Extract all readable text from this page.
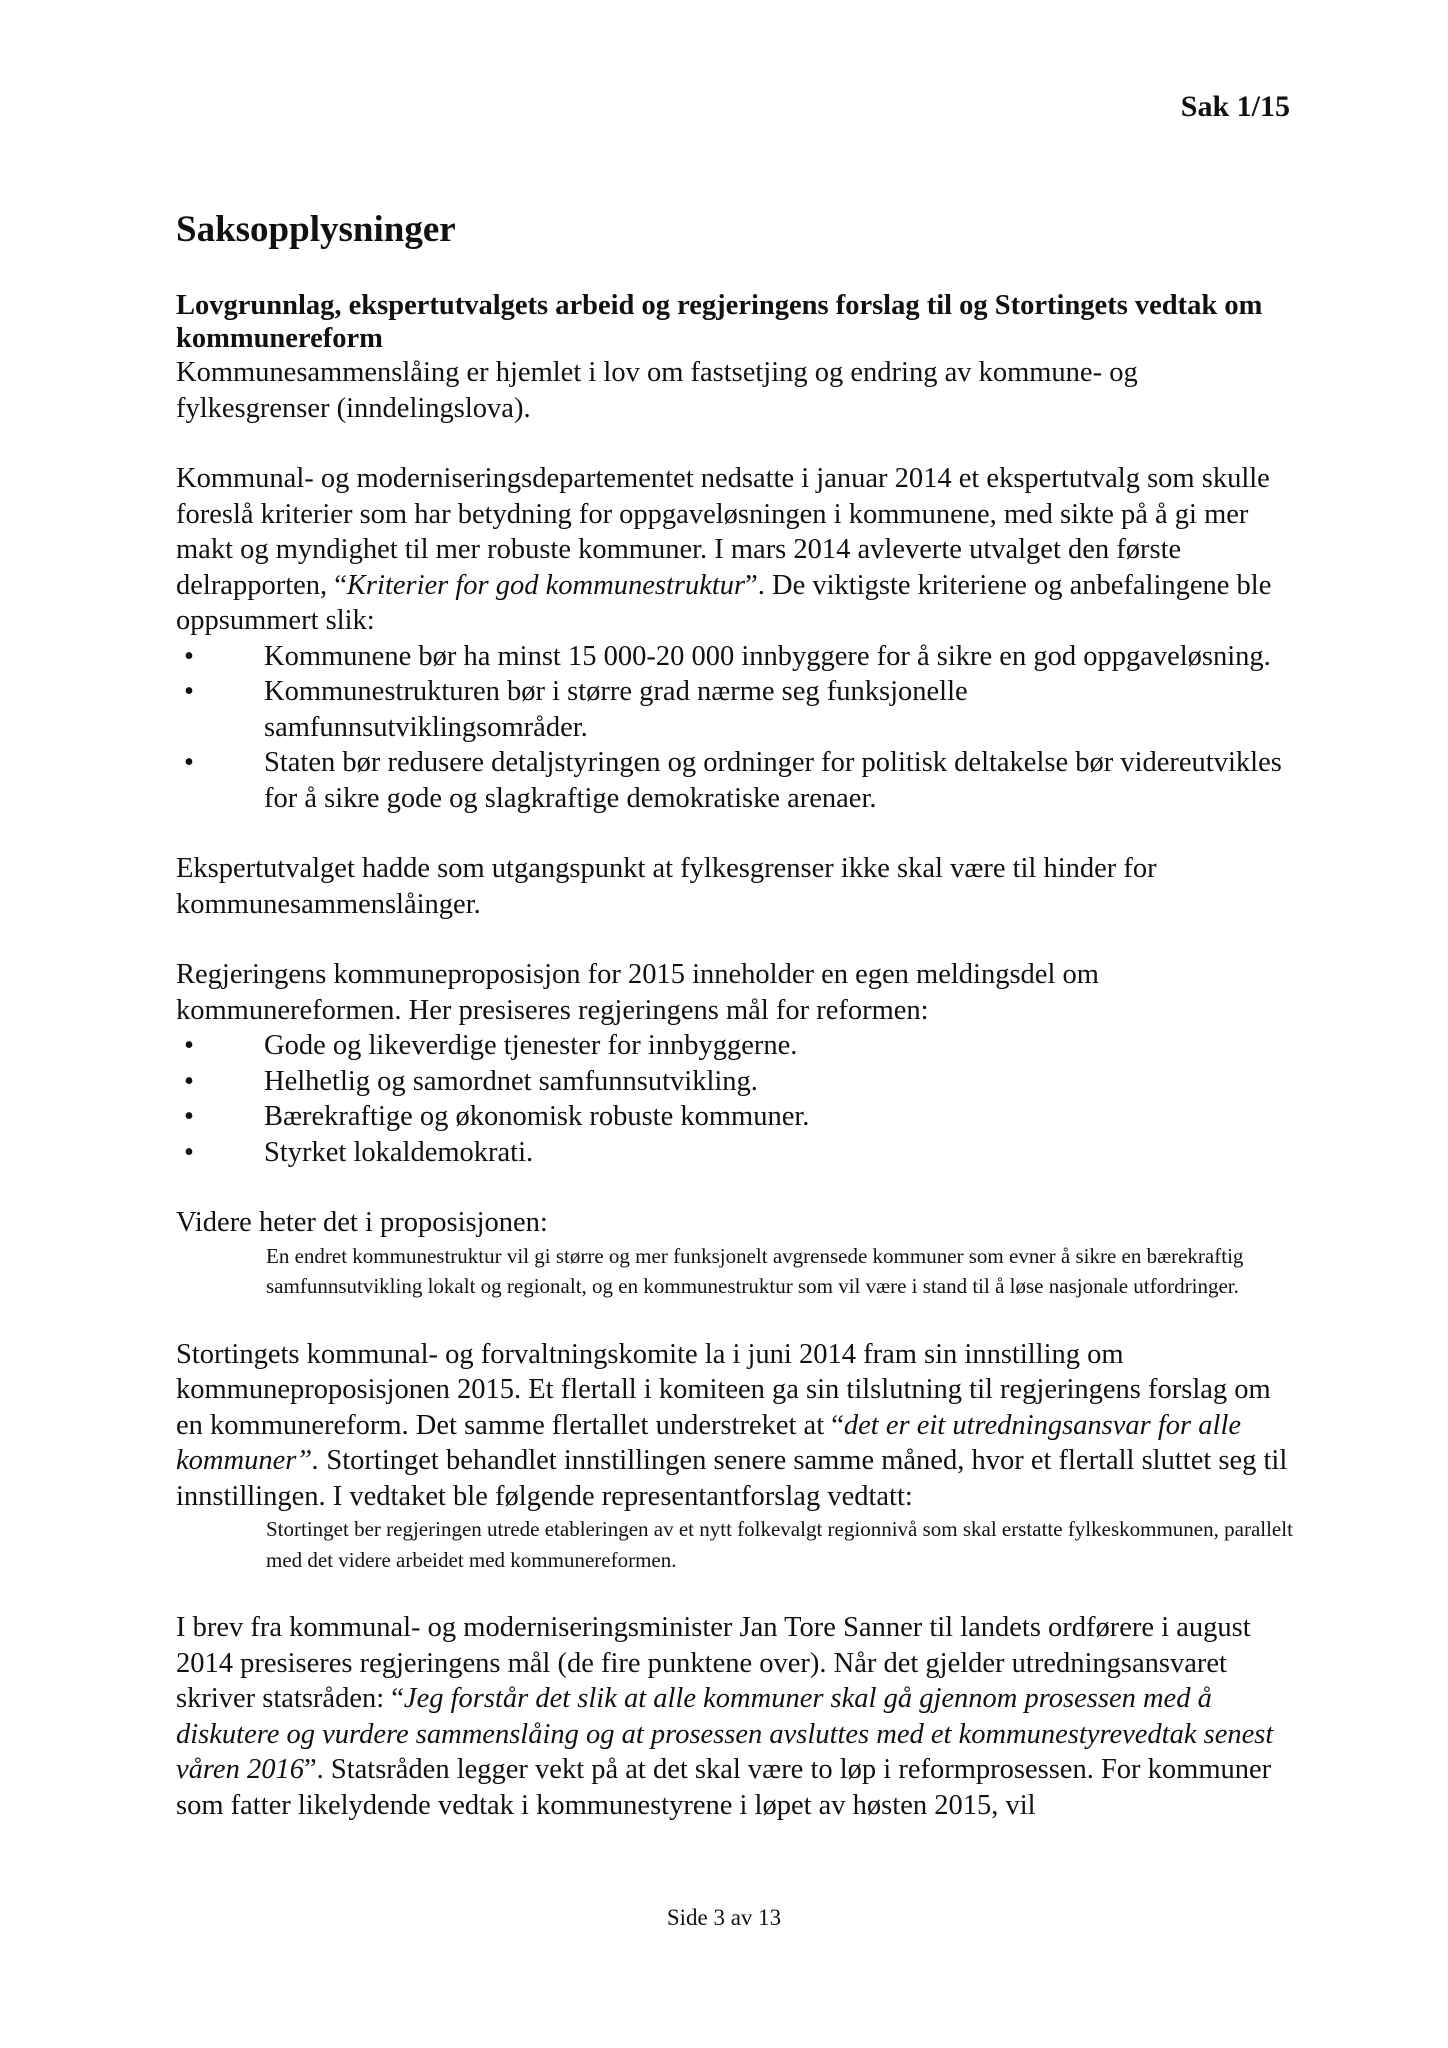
Sak 1/15
Saksopplysninger

Lovgrunnlag, ekspertutvalgets arbeid og regjeringens forslag til og Stortingets vedtak om kommunereform

Kommunesammenslåing er hjemlet i lov om fastsetjing og endring av kommune- og fylkesgrenser (inndelingslova).

Kommunal- og moderniseringsdepartementet nedsatte i januar 2014 et ekspertutvalg som skulle foreslå kriterier som har betydning for oppgaveløsningen i kommunene, med sikte på å gi mer makt og myndighet til mer robuste kommuner. I mars 2014 avleverte utvalget den første delrapporten, “Kriterier for god kommunestruktur”. De viktigste kriteriene og anbefalingene ble oppsummert slik:

• Kommunene bør ha minst 15 000-20 000 innbyggere for å sikre en god oppgaveløsning.
• Kommunestrukturen bør i større grad nærme seg funksjonelle samfunnsutviklingsområder.
• Staten bør redusere detaljstyringen og ordninger for politisk deltakelse bør videreutvikles for å sikre gode og slagkraftige demokratiske arenaer.

Ekspertutvalget hadde som utgangspunkt at fylkesgrenser ikke skal være til hinder for kommunesammenslåinger.

Regjeringens kommuneproposisjon for 2015 inneholder en egen meldingsdel om kommunereformen. Her presiseres regjeringens mål for reformen:

• Gode og likeverdige tjenester for innbyggerne.
• Helhetlig og samordnet samfunnsutvikling.
• Bærekraftige og økonomisk robuste kommuner.
• Styrket lokaldemokrati.

Videre heter det i proposisjonen:

En endret kommunestruktur vil gi større og mer funksjonelt avgrensede kommuner som evner å sikre en bærekraftig samfunnsutvikling lokalt og regionalt, og en kommunestruktur som vil være i stand til å løse nasjonale utfordringer.

Stortingets kommunal- og forvaltningskomite la i juni 2014 fram sin innstilling om kommuneproposisjonen 2015. Et flertall i komiteen ga sin tilslutning til regjeringens forslag om en kommunereform. Det samme flertallet understreket at “det er eit utredningsansvar for alle kommuner”. Stortinget behandlet innstillingen senere samme måned, hvor et flertall sluttet seg til innstillingen. I vedtaket ble følgende representantforslag vedtatt:

Stortinget ber regjeringen utrede etableringen av et nytt folkevalgt regionnivå som skal erstatte fylkeskommunen, parallelt med det videre arbeidet med kommunereformen.

I brev fra kommunal- og moderniseringsminister Jan Tore Sanner til landets ordførere i august 2014 presiseres regjeringens mål (de fire punktene over). Når det gjelder utredningsansvaret skriver statsråden: “Jeg forstår det slik at alle kommuner skal gå gjennom prosessen med å diskutere og vurdere sammenslåing og at prosessen avsluttes med et kommunestyrevedtak senest våren 2016”. Statsråden legger vekt på at det skal være to løp i reformprosessen. For kommuner som fatter likelydende vedtak i kommunestyrene i løpet av høsten 2015, vil

Side 3 av 13
